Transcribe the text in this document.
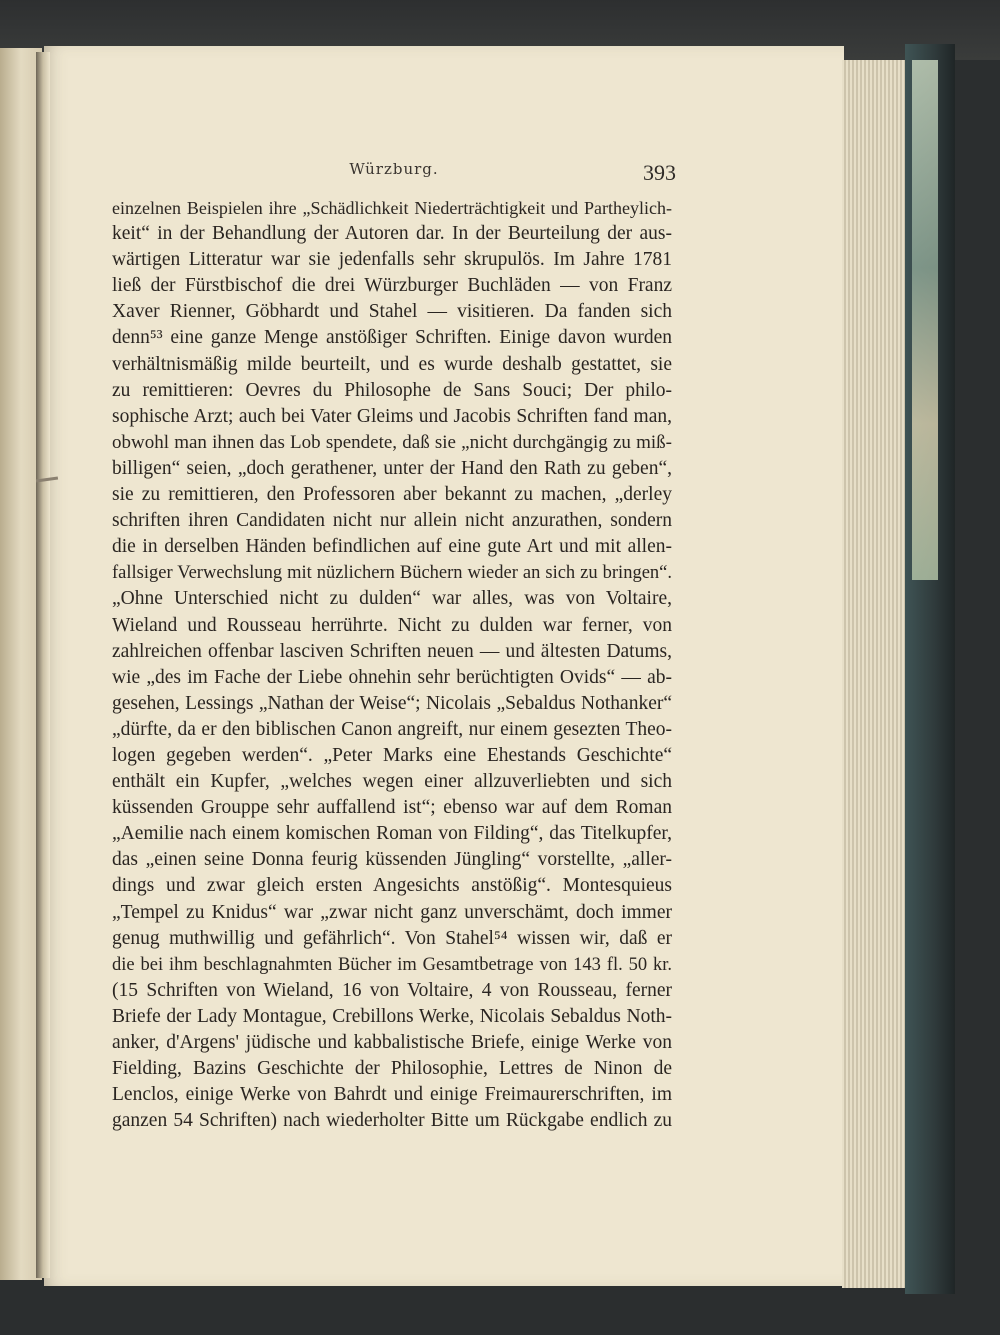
Würzburg.	393
einzelnen Beispielen ihre „Schädlichkeit Niederträchtigkeit und Partheylich-
keit“ in der Behandlung der Autoren dar. In der Beurteilung der aus-
wärtigen Litteratur war sie jedenfalls sehr skrupulös. Im Jahre 1781
ließ der Fürstbischof die drei Würzburger Buchläden — von Franz
Xaver Rienner, Göbhardt und Stahel — visitieren. Da fanden sich
denn⁵³ eine ganze Menge anstößiger Schriften. Einige davon wurden
verhältnismäßig milde beurteilt, und es wurde deshalb gestattet, sie
zu remittieren: Oevres du Philosophe de Sans Souci; Der philo-
sophische Arzt; auch bei Vater Gleims und Jacobis Schriften fand man,
obwohl man ihnen das Lob spendete, daß sie „nicht durchgängig zu miß-
billigen“ seien, „doch gerathener, unter der Hand den Rath zu geben“,
sie zu remittieren, den Professoren aber bekannt zu machen, „derley
schriften ihren Candidaten nicht nur allein nicht anzurathen, sondern
die in derselben Händen befindlichen auf eine gute Art und mit allen-
fallsiger Verwechslung mit nüzlichern Büchern wieder an sich zu bringen“.
„Ohne Unterschied nicht zu dulden“ war alles, was von Voltaire,
Wieland und Rousseau herrührte. Nicht zu dulden war ferner, von
zahlreichen offenbar lasciven Schriften neuen — und ältesten Datums,
wie „des im Fache der Liebe ohnehin sehr berüchtigten Ovids“ — ab-
gesehen, Lessings „Nathan der Weise“; Nicolais „Sebaldus Nothanker“
„dürfte, da er den biblischen Canon angreift, nur einem gesezten Theo-
logen gegeben werden“. „Peter Marks eine Ehestands Geschichte“
enthält ein Kupfer, „welches wegen einer allzuverliebten und sich
küssenden Grouppe sehr auffallend ist“; ebenso war auf dem Roman
„Aemilie nach einem komischen Roman von Filding“, das Titelkupfer,
das „einen seine Donna feurig küssenden Jüngling“ vorstellte, „aller-
dings und zwar gleich ersten Angesichts anstößig“. Montesquieus
„Tempel zu Knidus“ war „zwar nicht ganz unverschämt, doch immer
genug muthwillig und gefährlich“. Von Stahel⁵⁴ wissen wir, daß er
die bei ihm beschlagnahmten Bücher im Gesamtbetrage von 143 fl. 50 kr.
(15 Schriften von Wieland, 16 von Voltaire, 4 von Rousseau, ferner
Briefe der Lady Montague, Crebillons Werke, Nicolais Sebaldus Noth-
anker, d'Argens' jüdische und kabbalistische Briefe, einige Werke von
Fielding, Bazins Geschichte der Philosophie, Lettres de Ninon de
Lenclos, einige Werke von Bahrdt und einige Freimaurerschriften, im
ganzen 54 Schriften) nach wiederholter Bitte um Rückgabe endlich zu
